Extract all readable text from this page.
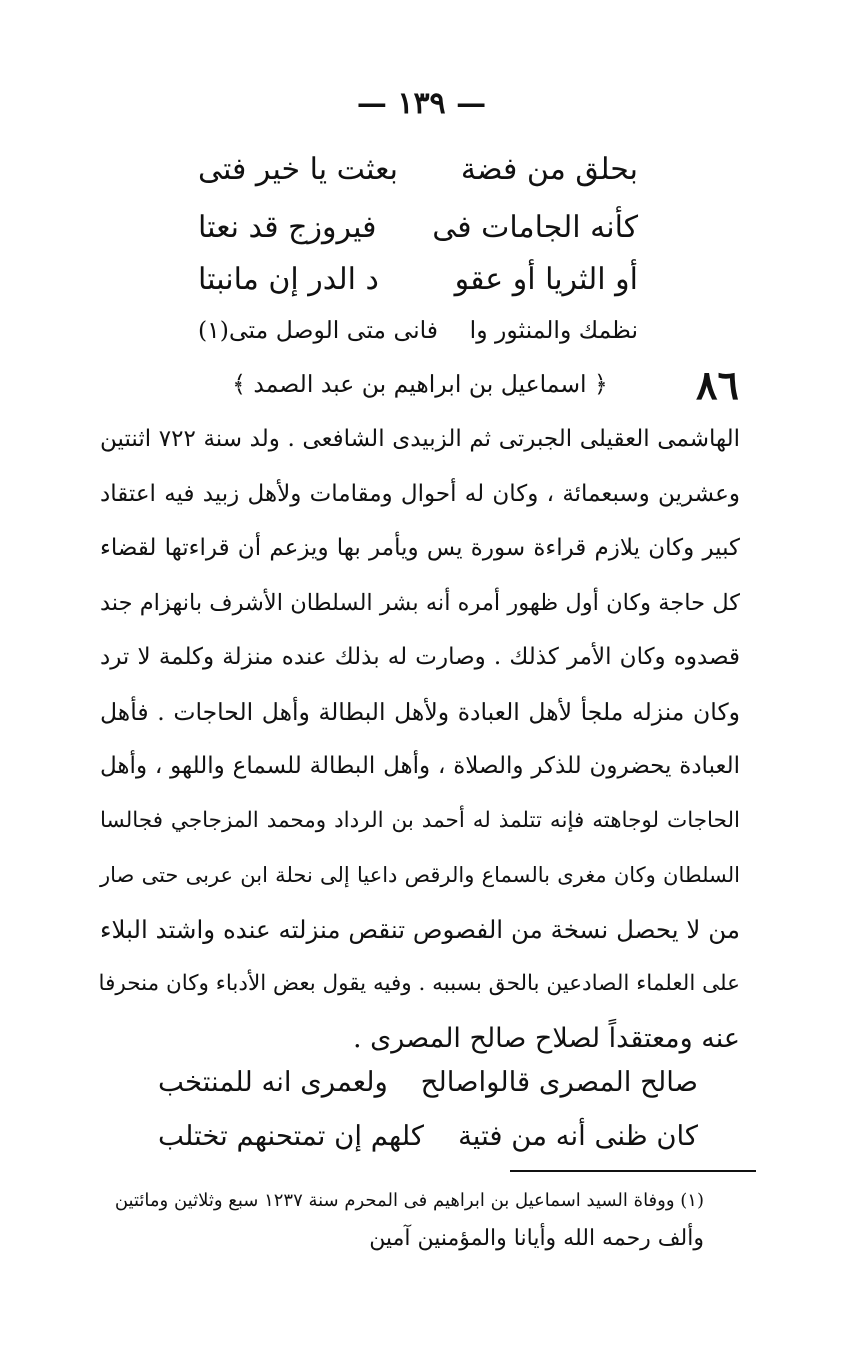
— ١٣٩ —
بحلق من فضة
بعثت يا خير فتى
كأنه الجامات فى
فيروزج قد نعتا
أو الثريا أو عقو
د الدر إن مانبتا
نظمك والمنثور وا
فانى متى الوصل متى(١)
٨٦
﴿ اسماعيل بن ابراهيم بن عبد الصمد ﴾
الهاشمى العقيلى الجبرتى ثم الزبيدى الشافعى . ولد سنة ٧٢٢ اثنتين
وعشرين وسبعمائة ، وكان له أحوال ومقامات ولأهل زبيد فيه اعتقاد
كبير وكان يلازم قراءة سورة يس ويأمر بها ويزعم أن قراءتها لقضاء
كل حاجة وكان أول ظهور أمره أنه بشر السلطان الأشرف بانهزام جند
قصدوه وكان الأمر كذلك . وصارت له بذلك عنده منزلة وكلمة لا ترد
وكان منزله ملجأ لأهل العبادة ولأهل البطالة وأهل الحاجات . فأهل
العبادة يحضرون للذكر والصلاة ، وأهل البطالة للسماع واللهو ، وأهل
الحاجات لوجاهته فإنه تتلمذ له أحمد بن الرداد ومحمد المزجاجي فجالسا
السلطان وكان مغرى بالسماع والرقص داعيا إلى نحلة ابن عربى حتى صار
من لا يحصل نسخة من الفصوص تنقص منزلته عنده واشتد البلاء
على العلماء الصادعين بالحق بسببه . وفيه يقول بعض الأدباء وكان منحرفا
عنه ومعتقداً لصلاح صالح المصرى .
صالح المصرى قالواصالح
ولعمرى انه للمنتخب
كان ظنى أنه من فتية
كلهم إن تمتحنهم تختلب
(١) ووفاة السيد اسماعيل بن ابراهيم فى المحرم سنة ١٢٣٧ سبع وثلاثين ومائتين
وألف رحمه الله وأيانا والمؤمنين آمين
